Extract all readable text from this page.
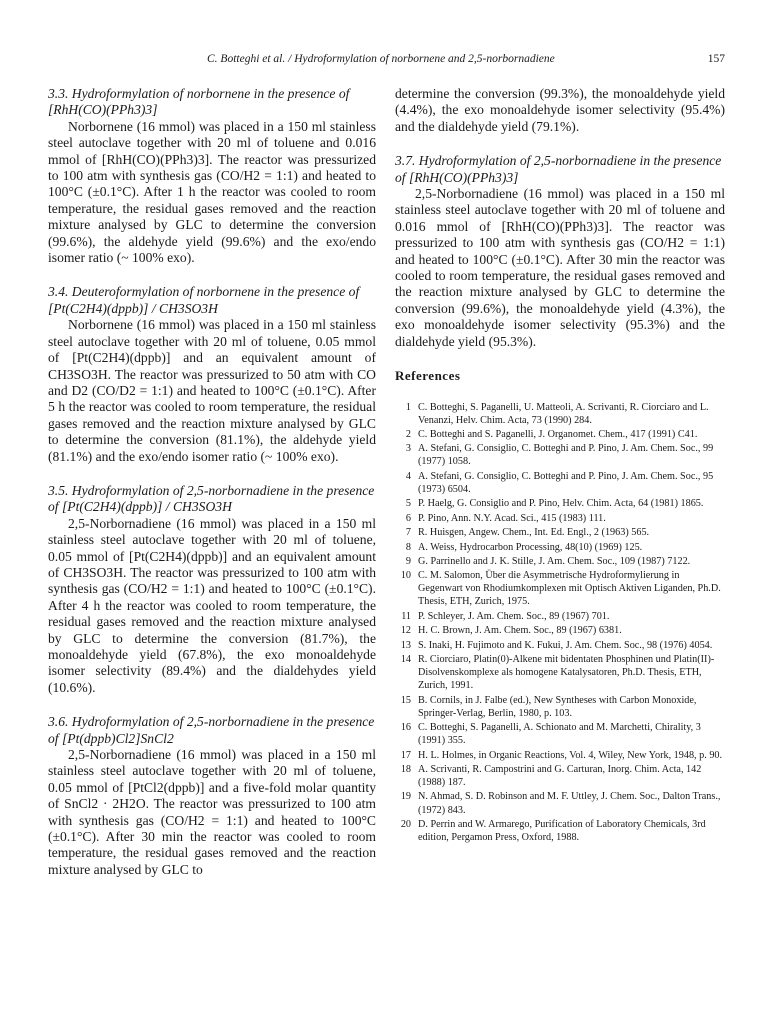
C. Botteghi et al. / Hydroformylation of norbornene and 2,5-norbornadiene	157
3.3. Hydroformylation of norbornene in the presence of [RhH(CO)(PPh3)3]
Norbornene (16 mmol) was placed in a 150 ml stainless steel autoclave together with 20 ml of toluene and 0.016 mmol of [RhH(CO)(PPh3)3]. The reactor was pressurized to 100 atm with synthesis gas (CO/H2 = 1:1) and heated to 100°C (±0.1°C). After 1 h the reactor was cooled to room temperature, the residual gases removed and the reaction mixture analysed by GLC to determine the conversion (99.6%), the aldehyde yield (99.6%) and the exo/endo isomer ratio (~ 100% exo).
3.4. Deuteroformylation of norbornene in the presence of [Pt(C2H4)(dppb)] / CH3SO3H
Norbornene (16 mmol) was placed in a 150 ml stainless steel autoclave together with 20 ml of toluene, 0.05 mmol of [Pt(C2H4)(dppb)] and an equivalent amount of CH3SO3H. The reactor was pressurized to 50 atm with CO and D2 (CO/D2 = 1:1) and heated to 100°C (±0.1°C). After 5 h the reactor was cooled to room temperature, the residual gases removed and the reaction mixture analysed by GLC to determine the conversion (81.1%), the aldehyde yield (81.1%) and the exo/endo isomer ratio (~ 100% exo).
3.5. Hydroformylation of 2,5-norbornadiene in the presence of [Pt(C2H4)(dppb)] / CH3SO3H
2,5-Norbornadiene (16 mmol) was placed in a 150 ml stainless steel autoclave together with 20 ml of toluene, 0.05 mmol of [Pt(C2H4)(dppb)] and an equivalent amount of CH3SO3H. The reactor was pressurized to 100 atm with synthesis gas (CO/H2 = 1:1) and heated to 100°C (±0.1°C). After 4 h the reactor was cooled to room temperature, the residual gases removed and the reaction mixture analysed by GLC to determine the conversion (81.7%), the monoaldehyde yield (67.8%), the exo monoaldehyde isomer selectivity (89.4%) and the dialdehydes yield (10.6%).
3.6. Hydroformylation of 2,5-norbornadiene in the presence of [Pt(dppb)Cl2]SnCl2
2,5-Norbornadiene (16 mmol) was placed in a 150 ml stainless steel autoclave together with 20 ml of toluene, 0.05 mmol of [PtCl2(dppb)] and a five-fold molar quantity of SnCl2 · 2H2O. The reactor was pressurized to 100 atm with synthesis gas (CO/H2 = 1:1) and heated to 100°C (±0.1°C). After 30 min the reactor was cooled to room temperature, the residual gases removed and the reaction mixture analysed by GLC to
determine the conversion (99.3%), the monoaldehyde yield (4.4%), the exo monoaldehyde isomer selectivity (95.4%) and the dialdehyde yield (79.1%).
3.7. Hydroformylation of 2,5-norbornadiene in the presence of [RhH(CO)(PPh3)3]
2,5-Norbornadiene (16 mmol) was placed in a 150 ml stainless steel autoclave together with 20 ml of toluene and 0.016 mmol of [RhH(CO)(PPh3)3]. The reactor was pressurized to 100 atm with synthesis gas (CO/H2 = 1:1) and heated to 100°C (±0.1°C). After 30 min the reactor was cooled to room temperature, the residual gases removed and the reaction mixture analysed by GLC to determine the conversion (99.6%), the monoaldehyde yield (4.3%), the exo monoaldehyde isomer selectivity (95.3%) and the dialdehyde yield (95.3%).
References
1 C. Botteghi, S. Paganelli, U. Matteoli, A. Scrivanti, R. Ciorciaro and L. Venanzi, Helv. Chim. Acta, 73 (1990) 284.
2 C. Botteghi and S. Paganelli, J. Organomet. Chem., 417 (1991) C41.
3 A. Stefani, G. Consiglio, C. Botteghi and P. Pino, J. Am. Chem. Soc., 99 (1977) 1058.
4 A. Stefani, G. Consiglio, C. Botteghi and P. Pino, J. Am. Chem. Soc., 95 (1973) 6504.
5 P. Haelg, G. Consiglio and P. Pino, Helv. Chim. Acta, 64 (1981) 1865.
6 P. Pino, Ann. N.Y. Acad. Sci., 415 (1983) 111.
7 R. Huisgen, Angew. Chem., Int. Ed. Engl., 2 (1963) 565.
8 A. Weiss, Hydrocarbon Processing, 48(10) (1969) 125.
9 G. Parrinello and J. K. Stille, J. Am. Chem. Soc., 109 (1987) 7122.
10 C. M. Salomon, Über die Asymmetrische Hydroformylierung in Gegenwart von Rhodiumkomplexen mit Optisch Aktiven Liganden, Ph.D. Thesis, ETH, Zurich, 1975.
11 P. Schleyer, J. Am. Chem. Soc., 89 (1967) 701.
12 H. C. Brown, J. Am. Chem. Soc., 89 (1967) 6381.
13 S. Inaki, H. Fujimoto and K. Fukui, J. Am. Chem. Soc., 98 (1976) 4054.
14 R. Ciorciaro, Platin(0)-Alkene mit bidentaten Phosphinen und Platin(II)-Disolvenskomplexe als homogene Katalysatoren, Ph.D. Thesis, ETH, Zurich, 1991.
15 B. Cornils, in J. Falbe (ed.), New Syntheses with Carbon Monoxide, Springer-Verlag, Berlin, 1980, p. 103.
16 C. Botteghi, S. Paganelli, A. Schionato and M. Marchetti, Chirality, 3 (1991) 355.
17 H. L. Holmes, in Organic Reactions, Vol. 4, Wiley, New York, 1948, p. 90.
18 A. Scrivanti, R. Campostrini and G. Carturan, Inorg. Chim. Acta, 142 (1988) 187.
19 N. Ahmad, S. D. Robinson and M. F. Uttley, J. Chem. Soc., Dalton Trans., (1972) 843.
20 D. Perrin and W. Armarego, Purification of Laboratory Chemicals, 3rd edition, Pergamon Press, Oxford, 1988.
